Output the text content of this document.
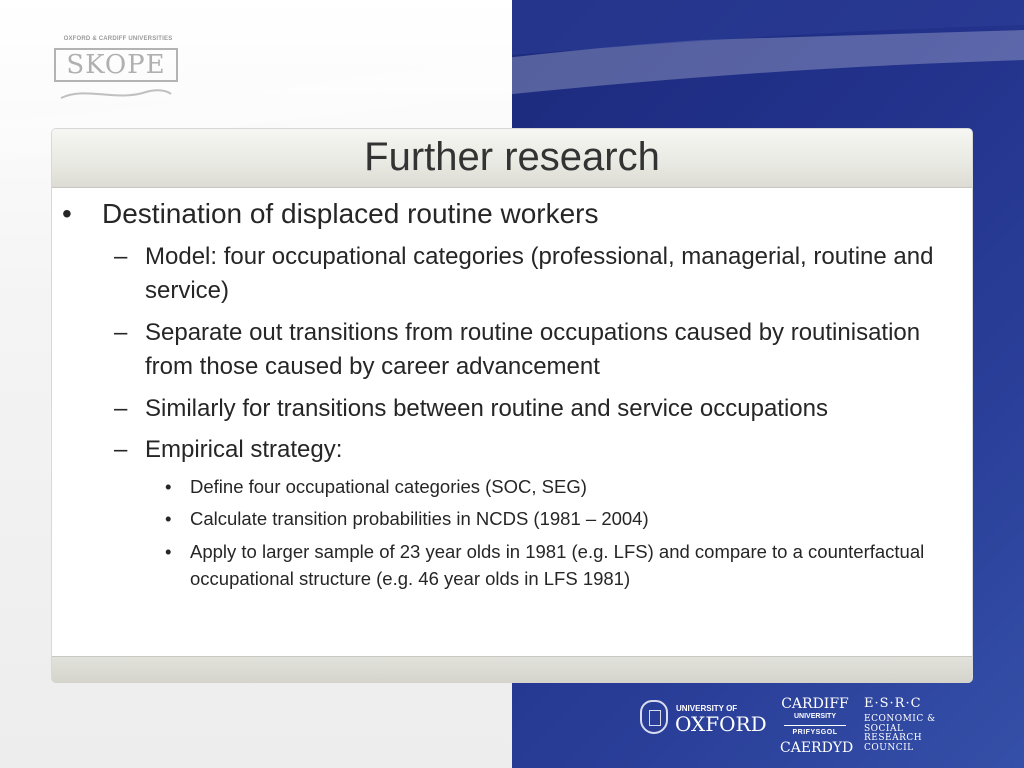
OXFORD & CARDIFF UNIVERSITIES
SKOPE
Further research
• Destination of displaced routine workers
– Model: four occupational categories (professional, managerial, routine and service)
– Separate out transitions from routine occupations caused by routinisation from those caused by career advancement
– Similarly for transitions between routine and service occupations
– Empirical strategy:
• Define four occupational categories (SOC, SEG)
• Calculate transition probabilities in NCDS (1981 – 2004)
• Apply to larger sample of 23 year olds in 1981 (e.g. LFS) and compare to a counterfactual occupational structure (e.g. 46 year olds in LFS 1981)
UNIVERSITY OF
OXFORD
CARDIFF
UNIVERSITY
PRIFYSGOL
CAERDYD
E·S·R·C
ECONOMIC & SOCIAL RESEARCH COUNCIL
